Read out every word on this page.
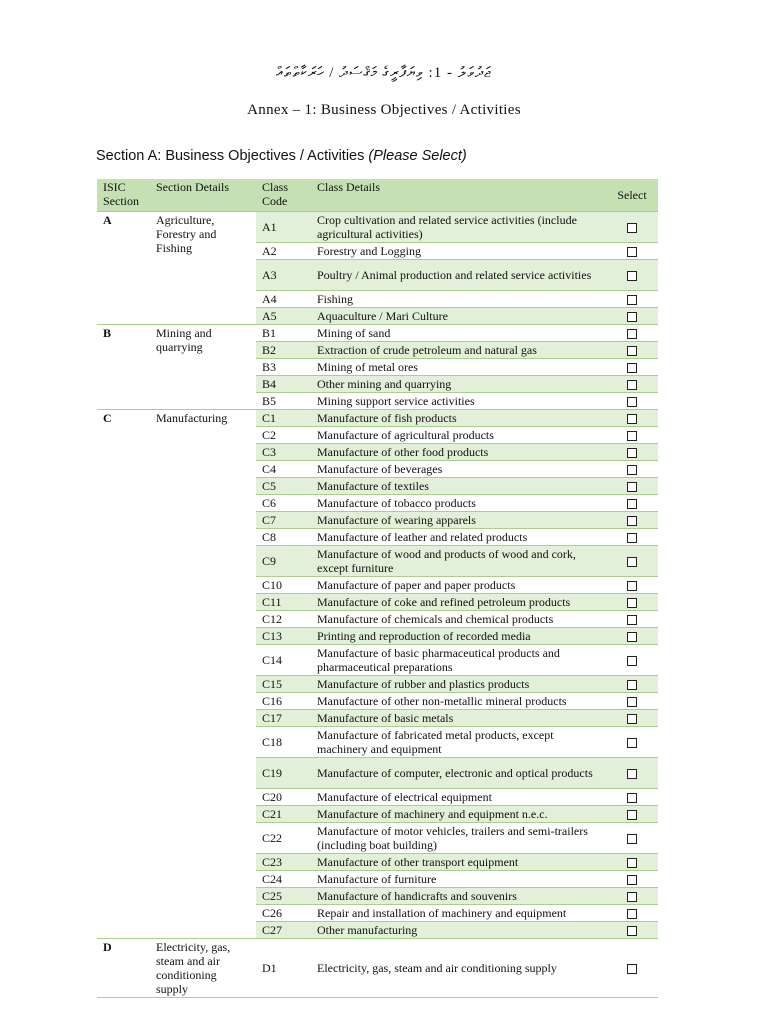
ޖަދުވަލު - 1: ވިޔަފާރީގެ މަޤްސަދު / ހަރަކާތްތައް
Annex – 1: Business Objectives / Activities
Section A: Business Objectives / Activities (Please Select)
ISIC Section	Section Details	Class Code	Class Details	Select
A	Agriculture, Forestry and Fishing	A1	Crop cultivation and related service activities (include agricultural activities)	
		A2	Forestry and Logging	
		A3	Poultry / Animal production and related service activities	
		A4	Fishing	
		A5	Aquaculture / Mari Culture	
B	Mining and quarrying	B1	Mining of sand	
		B2	Extraction of crude petroleum and natural gas	
		B3	Mining of metal ores	
		B4	Other mining and quarrying	
		B5	Mining support service activities	
C	Manufacturing	C1	Manufacture of fish products	
		C2	Manufacture of agricultural products	
		C3	Manufacture of other food products	
		C4	Manufacture of beverages	
		C5	Manufacture of textiles	
		C6	Manufacture of tobacco products	
		C7	Manufacture of wearing apparels	
		C8	Manufacture of leather and related products	
		C9	Manufacture of wood and products of wood and cork, except furniture	
		C10	Manufacture of paper and paper products	
		C11	Manufacture of coke and refined petroleum products	
		C12	Manufacture of chemicals and chemical products	
		C13	Printing and reproduction of recorded media	
		C14	Manufacture of basic pharmaceutical products and pharmaceutical preparations	
		C15	Manufacture of rubber and plastics products	
		C16	Manufacture of other non-metallic mineral products	
		C17	Manufacture of basic metals	
		C18	Manufacture of fabricated metal products, except machinery and equipment	
		C19	Manufacture of computer, electronic and optical products	
		C20	Manufacture of electrical equipment	
		C21	Manufacture of machinery and equipment n.e.c.	
		C22	Manufacture of motor vehicles, trailers and semi-trailers (including boat building)	
		C23	Manufacture of other transport equipment	
		C24	Manufacture of furniture	
		C25	Manufacture of handicrafts and souvenirs	
		C26	Repair and installation of machinery and equipment	
		C27	Other manufacturing	
D	Electricity, gas, steam and air conditioning supply	D1	Electricity, gas, steam and air conditioning supply	
